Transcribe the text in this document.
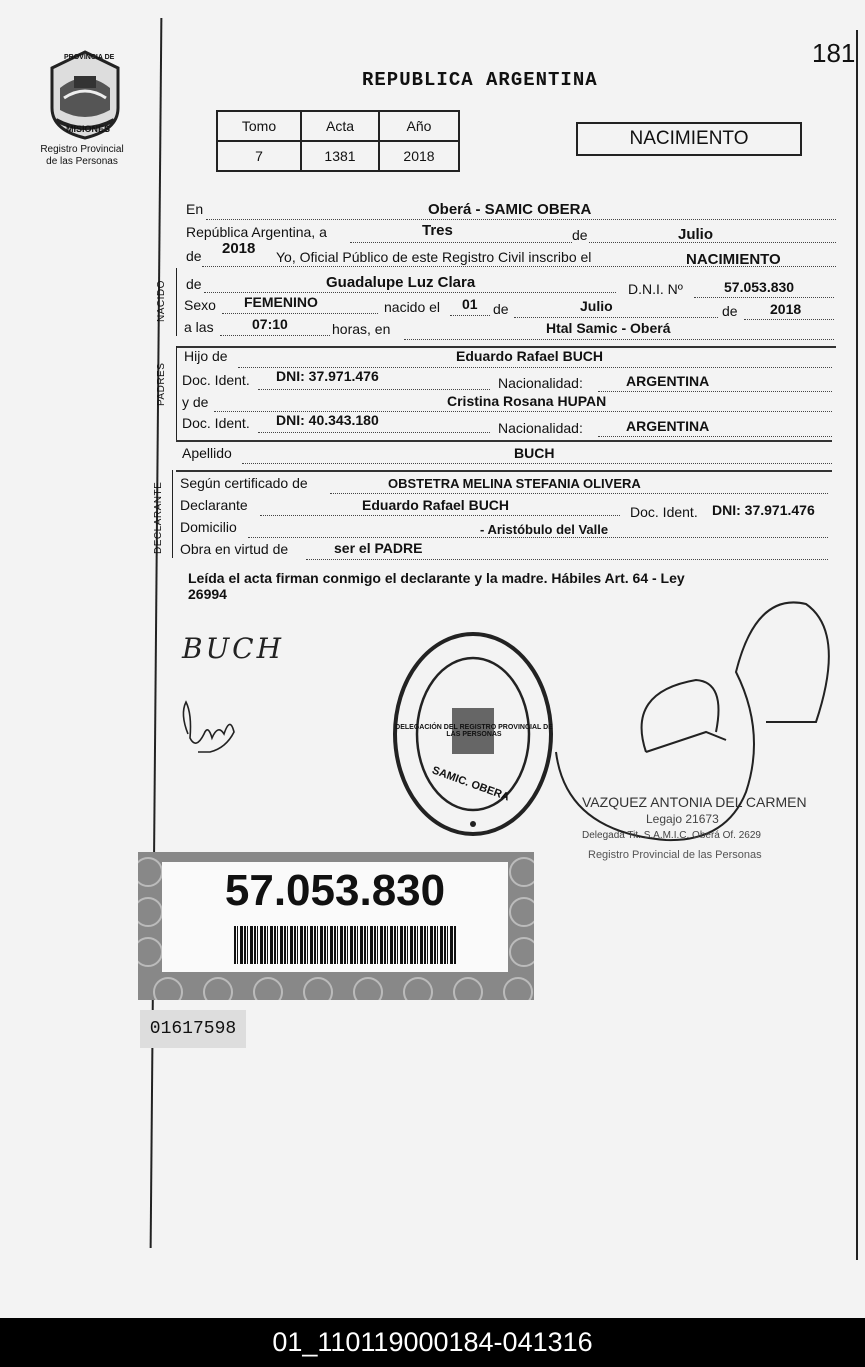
181
PROVINCIA DE
MISIONES
Registro Provincial
de las Personas
REPUBLICA ARGENTINA
Tomo	Acta	Año
7	1381	2018
NACIMIENTO
En	Oberá - SAMIC OBERA
República Argentina, a	Tres	de	Julio
de 2018 Yo, Oficial Público de este Registro Civil inscribo el	NACIMIENTO
NACIDO
PADRES
DECLARANTE
de	Guadalupe Luz Clara	D.N.I. Nº	57.053.830
Sexo FEMENINO	nacido el 01 de	Julio	de 2018
a las	07:10	horas, en	Htal Samic - Oberá
Hijo de	Eduardo Rafael BUCH
Doc. Ident. DNI: 37.971.476	Nacionalidad:	ARGENTINA
y de	Cristina Rosana HUPAN
Doc. Ident. DNI: 40.343.180	Nacionalidad:	ARGENTINA
Apellido	BUCH
Según certificado de	OBSTETRA MELINA STEFANIA OLIVERA
Declarante	Eduardo Rafael BUCH	Doc. Ident. DNI: 37.971.476
Domicilio	- Aristóbulo del Valle
Obra en virtud de	ser el PADRE
Leída el acta firman conmigo el declarante y la madre. Hábiles Art. 64 - Ley
26994
BUCH
DELEGACIÓN DEL REGISTRO PROVINCIAL DE LAS PERSONAS
SAMIC. OBERA	VAZQUEZ ANTONIA DEL CARMEN
Legajo 21673
Delegada Tit. S.A.M.I.C. Oberá Of. 2629
Registro Provincial de las Personas
57.053.830
01617598
01_110119000184-041316
